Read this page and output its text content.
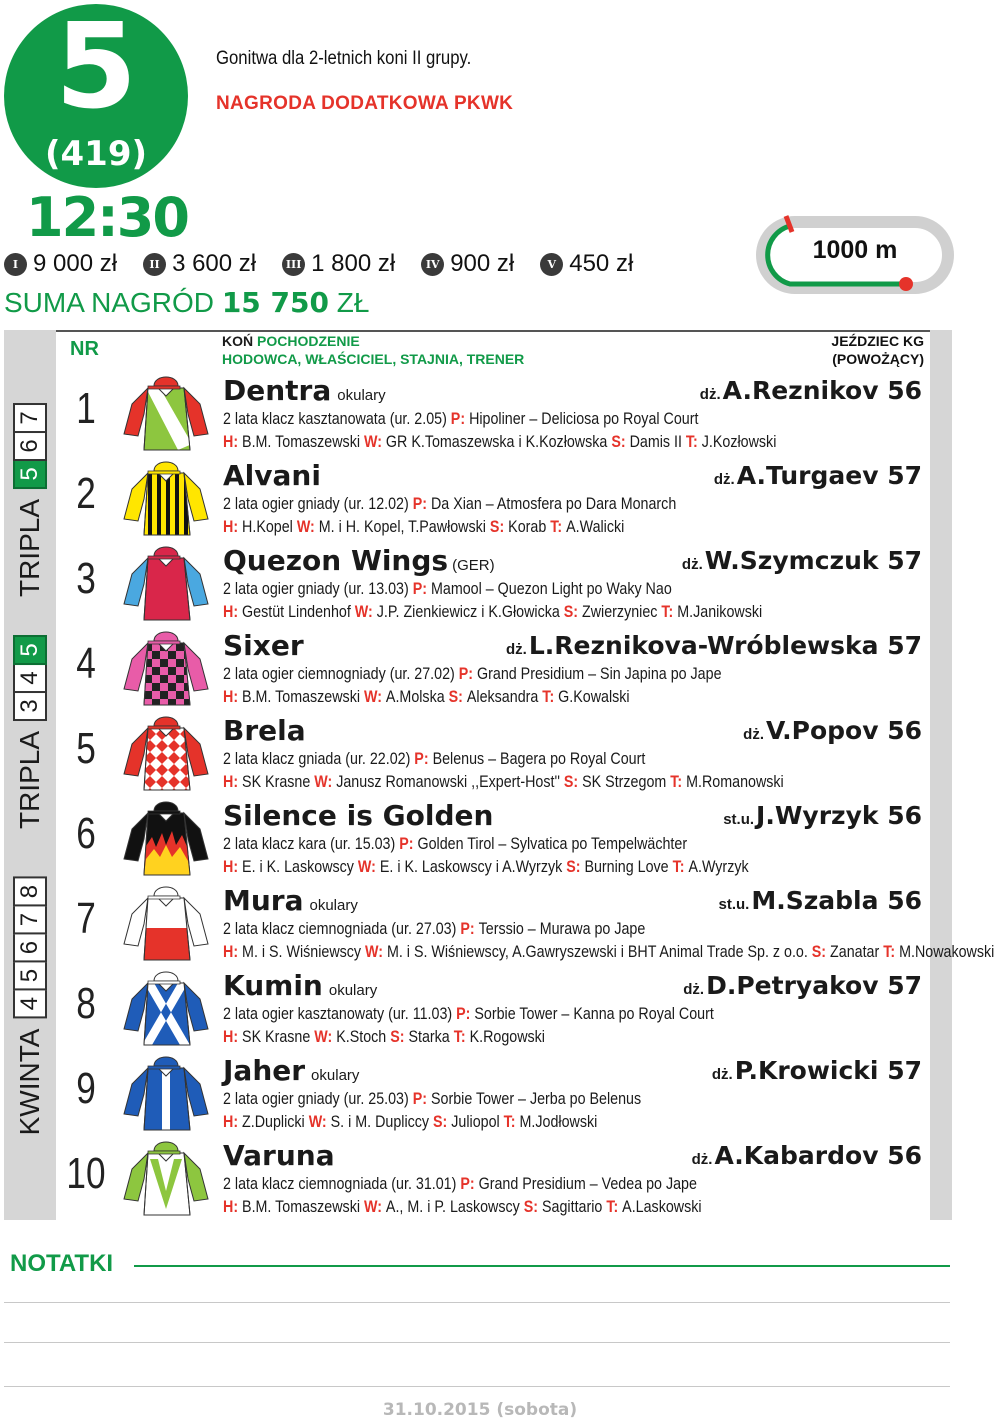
5
(419)
12:30
Gonitwa dla 2-letnich koni II grupy.
NAGRODA DODATKOWA PKWK
I 9 000 zł	II 3 600 zł	III 1 800 zł	IV 900 zł	V 450 zł
SUMA NAGRÓD 15 750 ZŁ
1000 m
KWINTA
4
5
6
7
8
TRIPLA
3
4
5
TRIPLA
5
6
7
NR	KOŃ POCHODZENIE
HODOWCA, WŁAŚCICIEL, STAJNIA, TRENER
JEŹDZIEC KG
(POWOŻĄCY)
1	Dentra okulary	dż.A.Reznikov 56
2 lata klacz kasztanowata (ur. 2.05) P: Hipoliner – Deliciosa po Royal Court
H: B.M. Tomaszewski W: GR K.Tomaszewska i K.Kozłowska S: Damis II T: J.Kozłowski
2	Alvani	dż.A.Turgaev 57
2 lata ogier gniady (ur. 12.02) P: Da Xian – Atmosfera po Dara Monarch
H: H.Kopel W: M. i H. Kopel, T.Pawłowski S: Korab T: A.Walicki
3	Quezon Wings (GER)	dż.W.Szymczuk 57
2 lata ogier gniady (ur. 13.03) P: Mamool – Quezon Light po Waky Nao
H: Gestüt Lindenhof W: J.P. Zienkiewicz i K.Głowicka S: Zwierzyniec T: M.Janikowski
4	Sixer	dż.L.Reznikova-Wróblewska 57
2 lata ogier ciemnogniady (ur. 27.02) P: Grand Presidium – Sin Japina po Jape
H: B.M. Tomaszewski W: A.Molska S: Aleksandra T: G.Kowalski
5	Brela	dż.V.Popov 56
2 lata klacz gniada (ur. 22.02) P: Belenus – Bagera po Royal Court
H: SK Krasne W: Janusz Romanowski ,,Expert-Host'' S: SK Strzegom T: M.Romanowski
6	Silence is Golden	st.u.J.Wyrzyk 56
2 lata klacz kara (ur. 15.03) P: Golden Tirol – Sylvatica po Tempelwächter
H: E. i K. Laskowscy W: E. i K. Laskowscy i A.Wyrzyk S: Burning Love T: A.Wyrzyk
7	Mura okulary	st.u.M.Szabla 56
2 lata klacz ciemnogniada (ur. 27.03) P: Terssio – Murawa po Jape
H: M. i S. Wiśniewscy W: M. i S. Wiśniewscy, A.Gawryszewski i BHT Animal Trade Sp. z o.o. S: Zanatar T: M.Nowakowski
8	Kumin okulary	dż.D.Petryakov 57
2 lata ogier kasztanowaty (ur. 11.03) P: Sorbie Tower – Kanna po Royal Court
H: SK Krasne W: K.Stoch S: Starka T: K.Rogowski
9	Jaher okulary	dż.P.Krowicki 57
2 lata ogier gniady (ur. 25.03) P: Sorbie Tower – Jerba po Belenus
H: Z.Duplicki W: S. i M. Dupliccy S: Juliopol T: M.Jodłowski
10	Varuna	dż.A.Kabardov 56
2 lata klacz ciemnogniada (ur. 31.01) P: Grand Presidium – Vedea po Jape
H: B.M. Tomaszewski W: A., M. i P. Laskowscy S: Sagittario T: A.Laskowski
NOTATKI
31.10.2015 (sobota)
